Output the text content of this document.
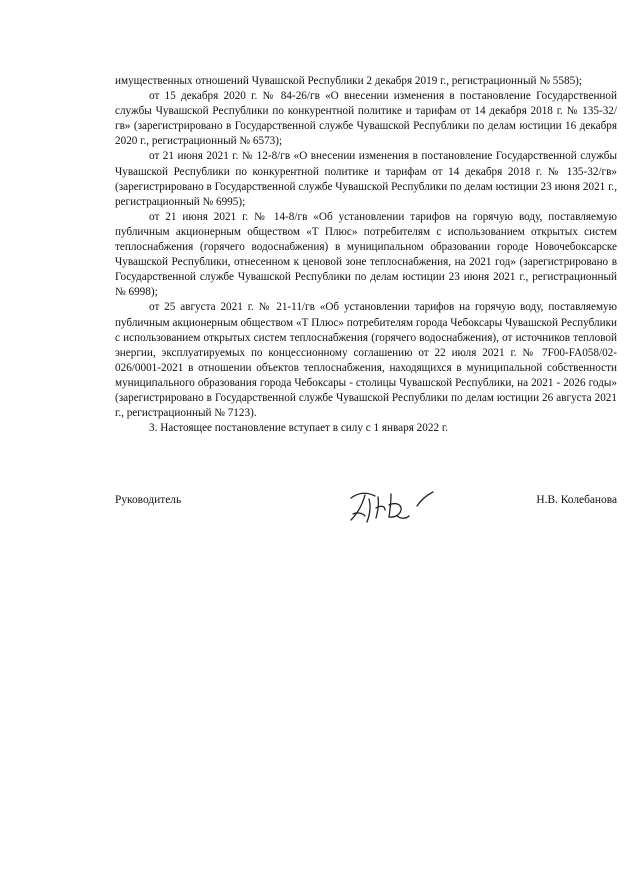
имущественных отношений Чувашской Республики 2 декабря 2019 г., регистрационный № 5585);

от 15 декабря 2020 г. № 84-26/гв «О внесении изменения в постановление Государственной службы Чувашской Республики по конкурентной политике и тарифам от 14 декабря 2018 г. № 135-32/гв» (зарегистрировано в Государственной службе Чувашской Республики по делам юстиции 16 декабря 2020 г., регистрационный № 6573);

от 21 июня 2021 г. № 12-8/гв «О внесении изменения в постановление Государственной службы Чувашской Республики по конкурентной политике и тарифам от 14 декабря 2018 г. № 135-32/гв» (зарегистрировано в Государственной службе Чувашской Республики по делам юстиции 23 июня 2021 г., регистрационный № 6995);

от 21 июня 2021 г. № 14-8/гв «Об установлении тарифов на горячую воду, поставляемую публичным акционерным обществом «Т Плюс» потребителям с использованием открытых систем теплоснабжения (горячего водоснабжения) в муниципальном образовании городе Новочебоксарске Чувашской Республики, отнесенном к ценовой зоне теплоснабжения, на 2021 год» (зарегистрировано в Государственной службе Чувашской Республики по делам юстиции 23 июня 2021 г., регистрационный № 6998);

от 25 августа 2021 г. № 21-11/гв «Об установлении тарифов на горячую воду, поставляемую публичным акционерным обществом «Т Плюс» потребителям города Чебоксары Чувашской Республики с использованием открытых систем теплоснабжения (горячего водоснабжения), от источников тепловой энергии, эксплуатируемых по концессионному соглашению от 22 июля 2021 г. № 7F00-FA058/02-026/0001-2021 в отношении объектов теплоснабжения, находящихся в муниципальной собственности муниципального образования города Чебоксары - столицы Чувашской Республики, на 2021 - 2026 годы» (зарегистрировано в Государственной службе Чувашской Республики по делам юстиции 26 августа 2021 г., регистрационный № 7123).

3. Настоящее постановление вступает в силу с 1 января 2022 г.

Руководитель	Н.В. Колебанова
